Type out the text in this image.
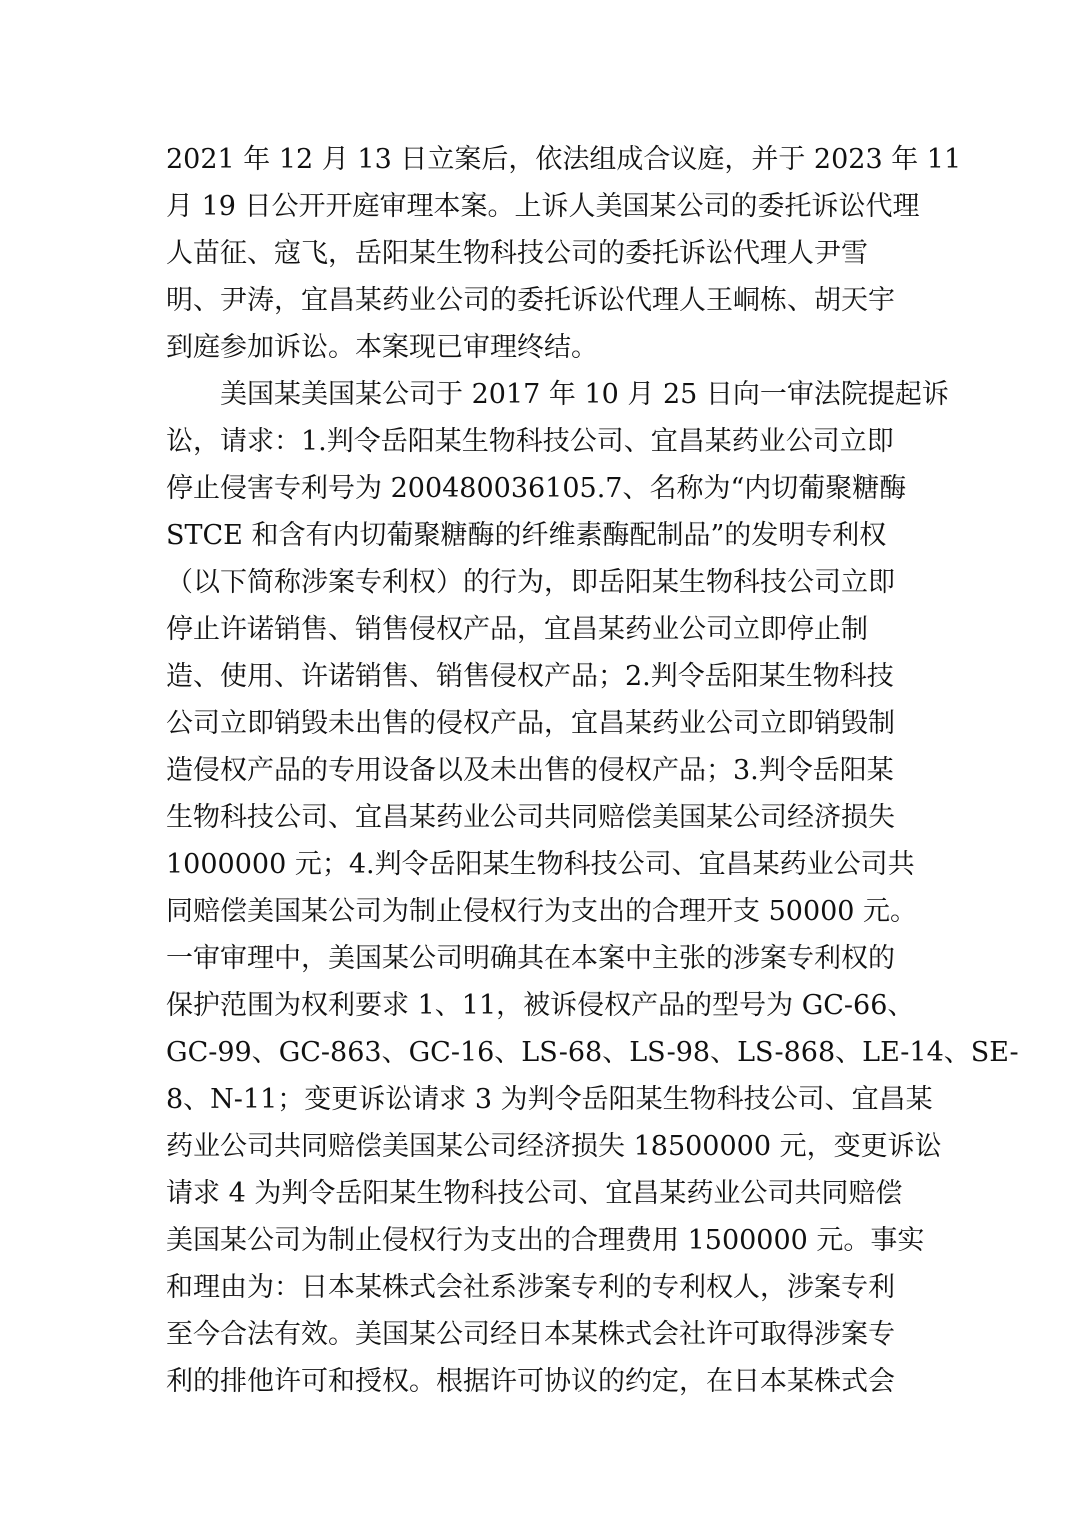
2021 年 12 月 13 日立案后，依法组成合议庭，并于 2023 年 11
月 19 日公开开庭审理本案。上诉人美国某公司的委托诉讼代理
人苗征、寇飞，岳阳某生物科技公司的委托诉讼代理人尹雪
明、尹涛，宜昌某药业公司的委托诉讼代理人王峒栋、胡天宇
到庭参加诉讼。本案现已审理终结。
美国某美国某公司于 2017 年 10 月 25 日向一审法院提起诉
讼，请求：1.判令岳阳某生物科技公司、宜昌某药业公司立即
停止侵害专利号为 200480036105.7、名称为“内切葡聚糖酶
STCE 和含有内切葡聚糖酶的纤维素酶配制品”的发明专利权
（以下简称涉案专利权）的行为，即岳阳某生物科技公司立即
停止许诺销售、销售侵权产品，宜昌某药业公司立即停止制
造、使用、许诺销售、销售侵权产品；2.判令岳阳某生物科技
公司立即销毁未出售的侵权产品，宜昌某药业公司立即销毁制
造侵权产品的专用设备以及未出售的侵权产品；3.判令岳阳某
生物科技公司、宜昌某药业公司共同赔偿美国某公司经济损失
1000000 元；4.判令岳阳某生物科技公司、宜昌某药业公司共
同赔偿美国某公司为制止侵权行为支出的合理开支 50000 元。
一审审理中，美国某公司明确其在本案中主张的涉案专利权的
保护范围为权利要求 1、11，被诉侵权产品的型号为 GC-66、
GC-99、GC-863、GC-16、LS-68、LS-98、LS-868、LE-14、SE-
8、N-11；变更诉讼请求 3 为判令岳阳某生物科技公司、宜昌某
药业公司共同赔偿美国某公司经济损失 18500000 元，变更诉讼
请求 4 为判令岳阳某生物科技公司、宜昌某药业公司共同赔偿
美国某公司为制止侵权行为支出的合理费用 1500000 元。事实
和理由为：日本某株式会社系涉案专利的专利权人，涉案专利
至今合法有效。美国某公司经日本某株式会社许可取得涉案专
利的排他许可和授权。根据许可协议的约定，在日本某株式会
